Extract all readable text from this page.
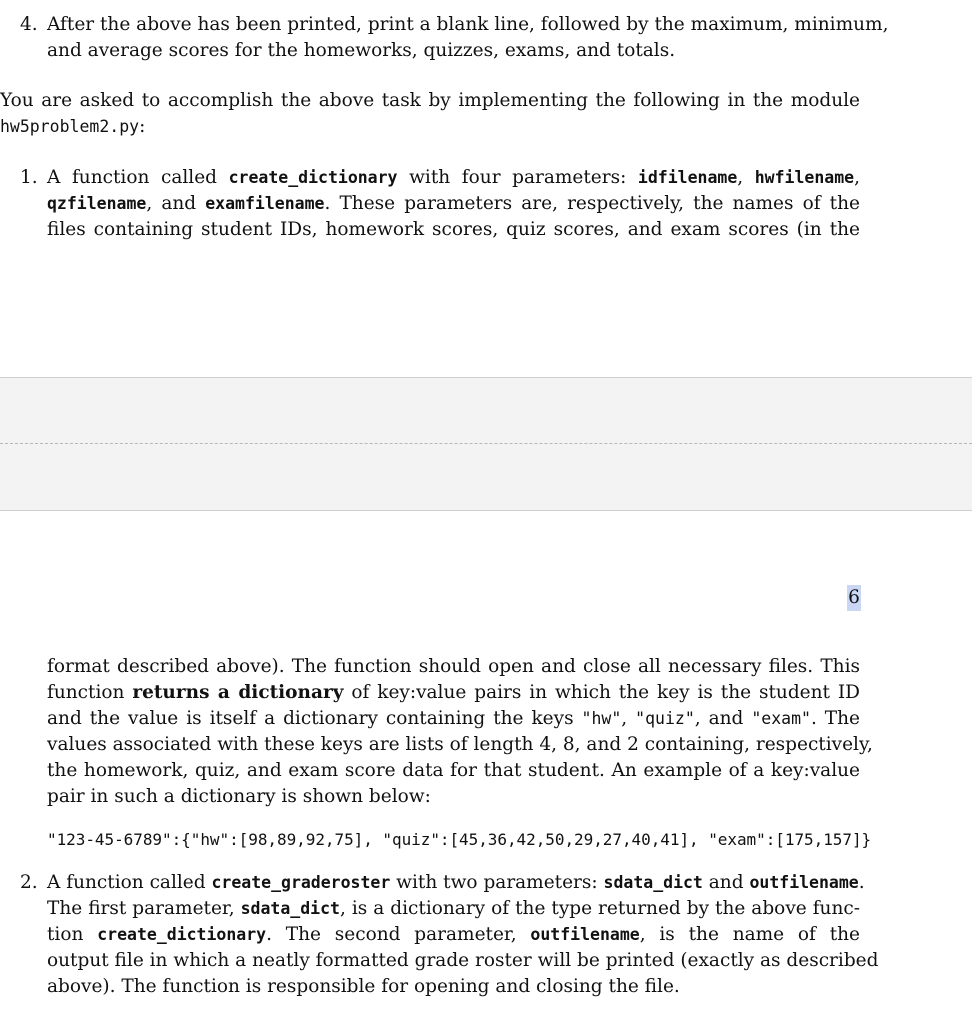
4. After the above has been printed, print a blank line, followed by the maximum, minimum,
and average scores for the homeworks, quizzes, exams, and totals.
You are asked to accomplish the above task by implementing the following in the module
hw5problem2.py:
1. A function called create_dictionary with four parameters: idfilename, hwfilename,
qzfilename, and examfilename. These parameters are, respectively, the names of the
files containing student IDs, homework scores, quiz scores, and exam scores (in the
6
format described above). The function should open and close all necessary files. This
function returns a dictionary of key:value pairs in which the key is the student ID
and the value is itself a dictionary containing the keys "hw", "quiz", and "exam". The
values associated with these keys are lists of length 4, 8, and 2 containing, respectively,
the homework, quiz, and exam score data for that student. An example of a key:value
pair in such a dictionary is shown below:
"123-45-6789":{"hw":[98,89,92,75], "quiz":[45,36,42,50,29,27,40,41], "exam":[175,157]}
2. A function called create_graderoster with two parameters: sdata_dict and outfilename.
The first parameter, sdata_dict, is a dictionary of the type returned by the above func-
tion create_dictionary. The second parameter, outfilename, is the name of the
output file in which a neatly formatted grade roster will be printed (exactly as described
above). The function is responsible for opening and closing the file.
